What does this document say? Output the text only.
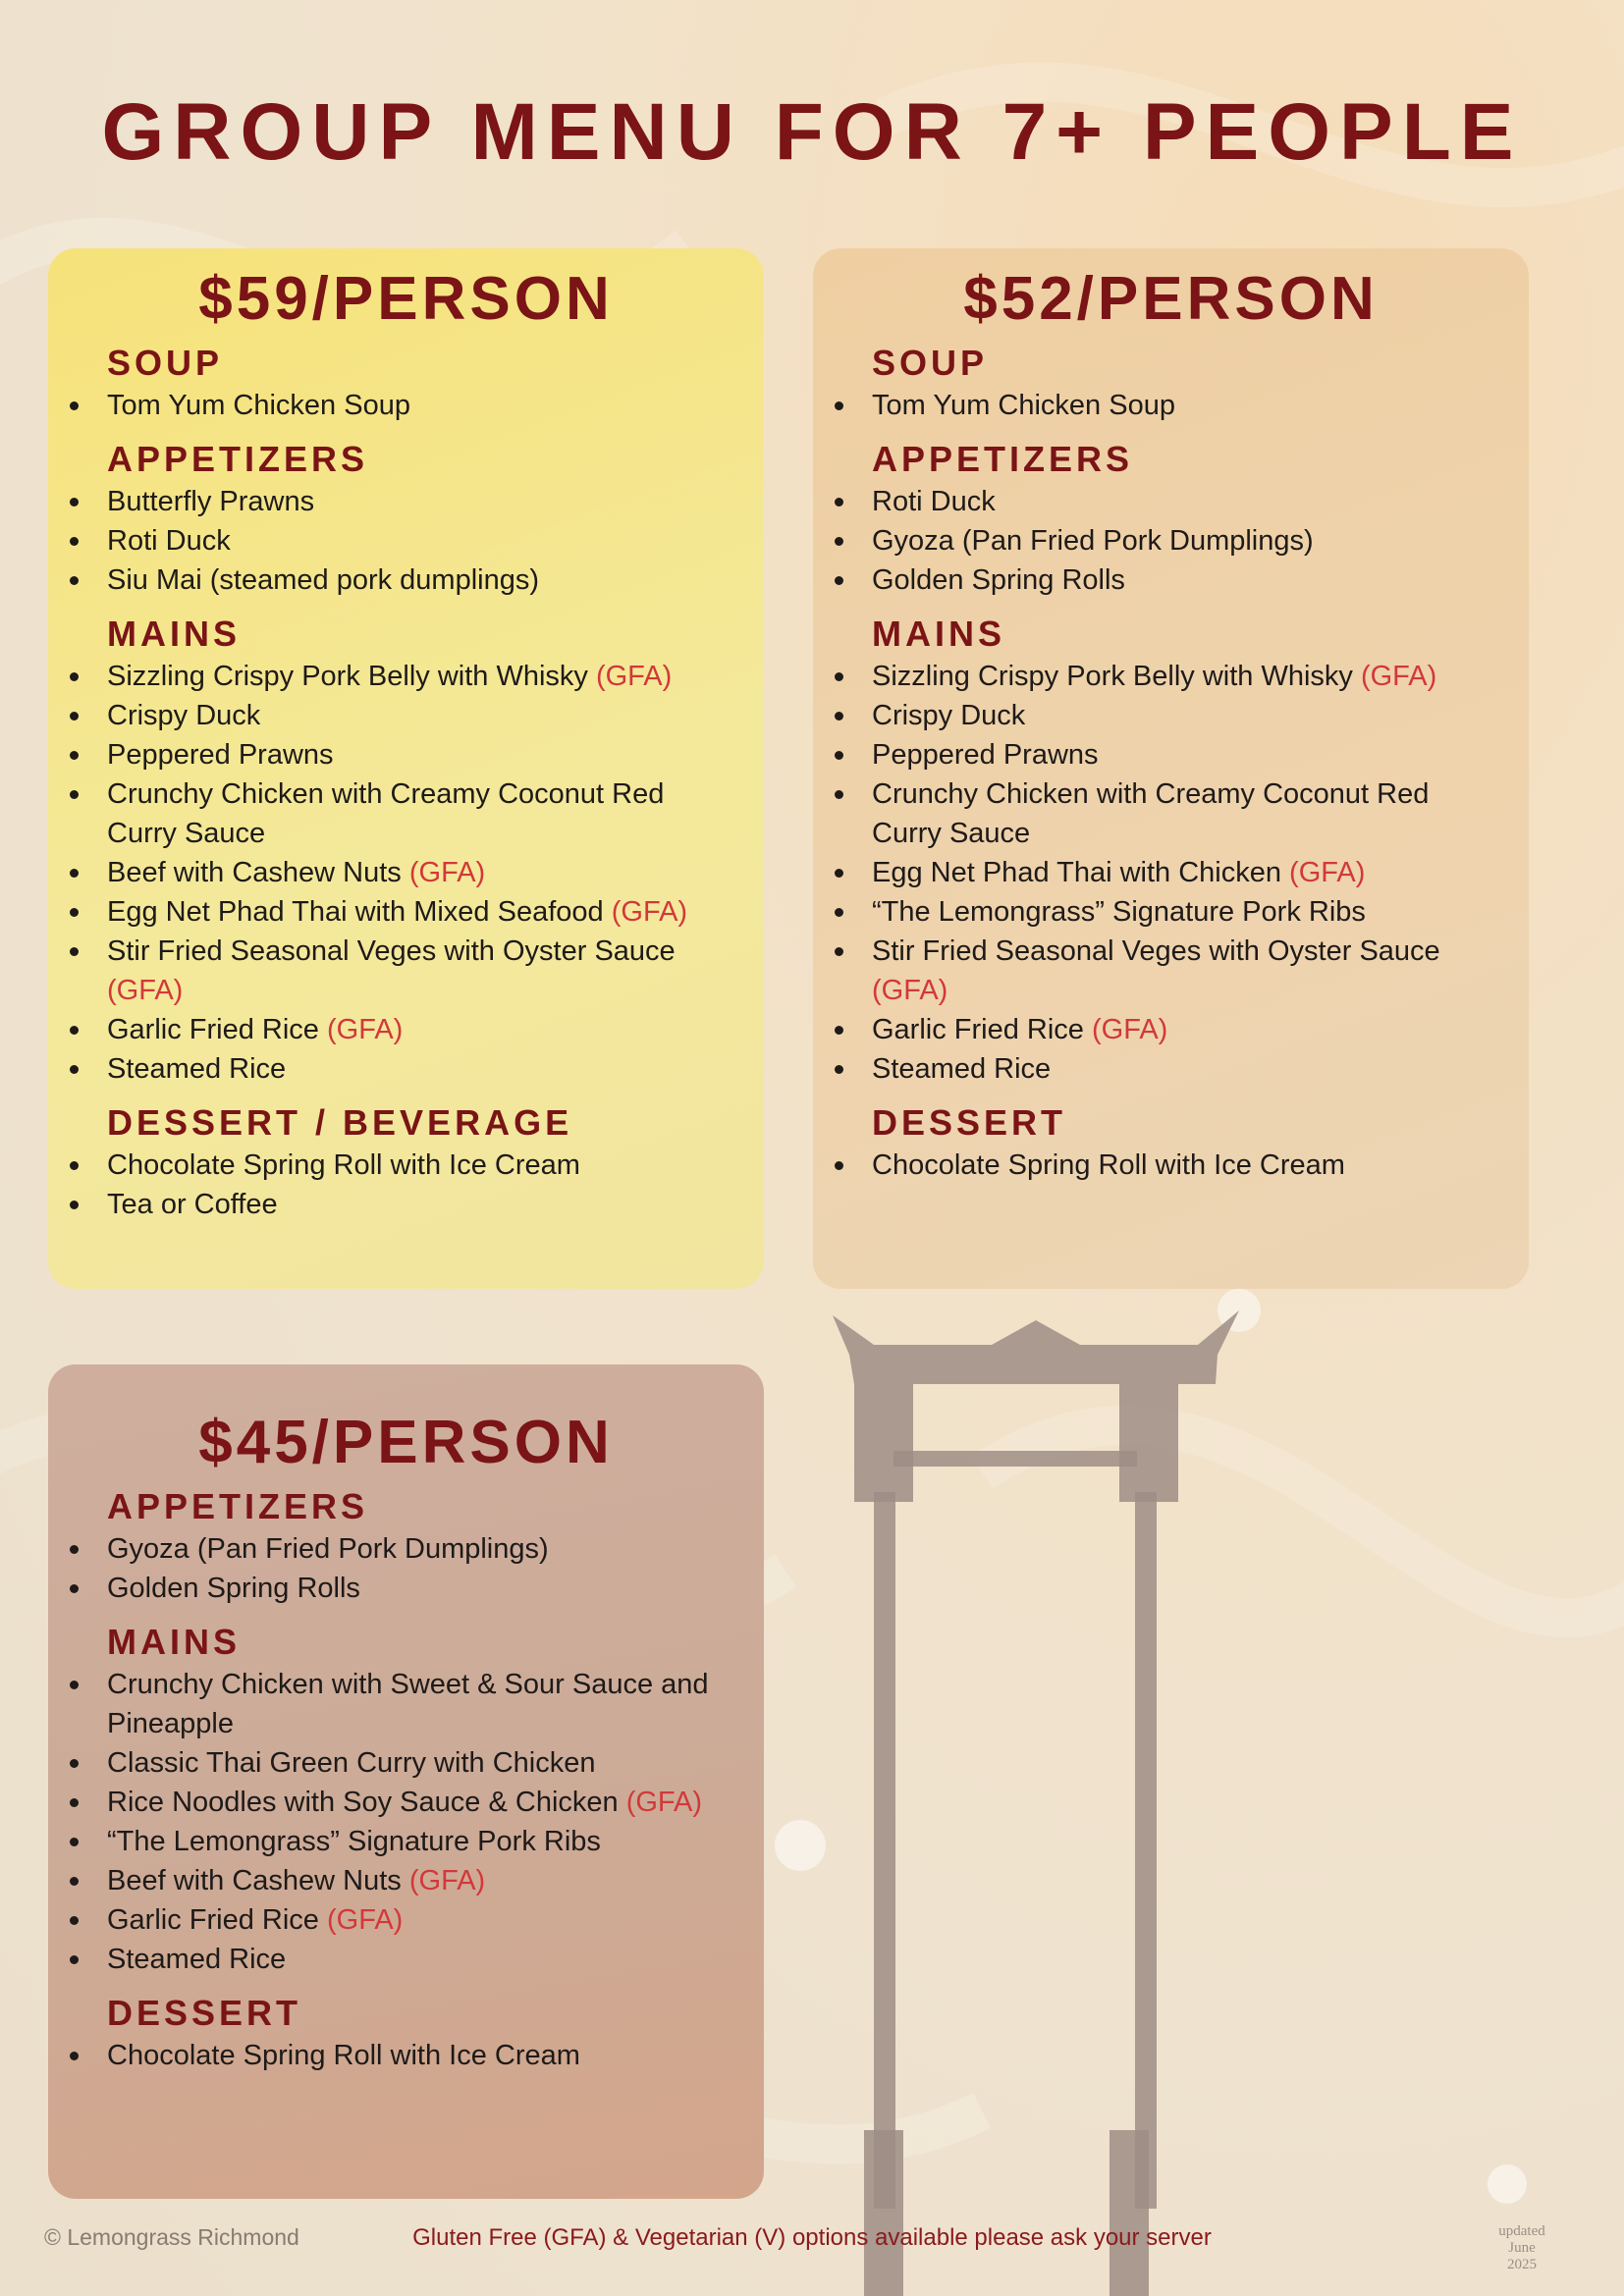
GROUP MENU FOR 7+ PEOPLE
$59/PERSON
SOUP
Tom Yum Chicken Soup
APPETIZERS
Butterfly Prawns
Roti Duck
Siu Mai (steamed pork dumplings)
MAINS
Sizzling Crispy Pork Belly with Whisky (GFA)
Crispy Duck
Peppered Prawns
Crunchy Chicken with Creamy Coconut Red Curry Sauce
Beef with Cashew Nuts (GFA)
Egg Net Phad Thai with Mixed Seafood (GFA)
Stir Fried Seasonal Veges with Oyster Sauce (GFA)
Garlic Fried Rice (GFA)
Steamed Rice
DESSERT / BEVERAGE
Chocolate Spring Roll with Ice Cream
Tea or Coffee
$52/PERSON
SOUP
Tom Yum Chicken Soup
APPETIZERS
Roti Duck
Gyoza (Pan Fried Pork Dumplings)
Golden Spring Rolls
MAINS
Sizzling Crispy Pork Belly with Whisky (GFA)
Crispy Duck
Peppered Prawns
Crunchy Chicken with Creamy Coconut Red Curry Sauce
Egg Net Phad Thai with Chicken (GFA)
“The Lemongrass” Signature Pork Ribs
Stir Fried Seasonal Veges with Oyster Sauce (GFA)
Garlic Fried Rice (GFA)
Steamed Rice
DESSERT
Chocolate Spring Roll with Ice Cream
$45/PERSON
APPETIZERS
Gyoza (Pan Fried Pork Dumplings)
Golden Spring Rolls
MAINS
Crunchy Chicken with Sweet & Sour Sauce and Pineapple
Classic Thai Green Curry with Chicken
Rice Noodles with Soy Sauce & Chicken (GFA)
“The Lemongrass” Signature Pork Ribs
Beef with Cashew Nuts (GFA)
Garlic Fried Rice (GFA)
Steamed Rice
DESSERT
Chocolate Spring Roll with Ice Cream
© Lemongrass Richmond	Gluten Free (GFA) & Vegetarian (V) options available please ask your server	updated
June
2025
